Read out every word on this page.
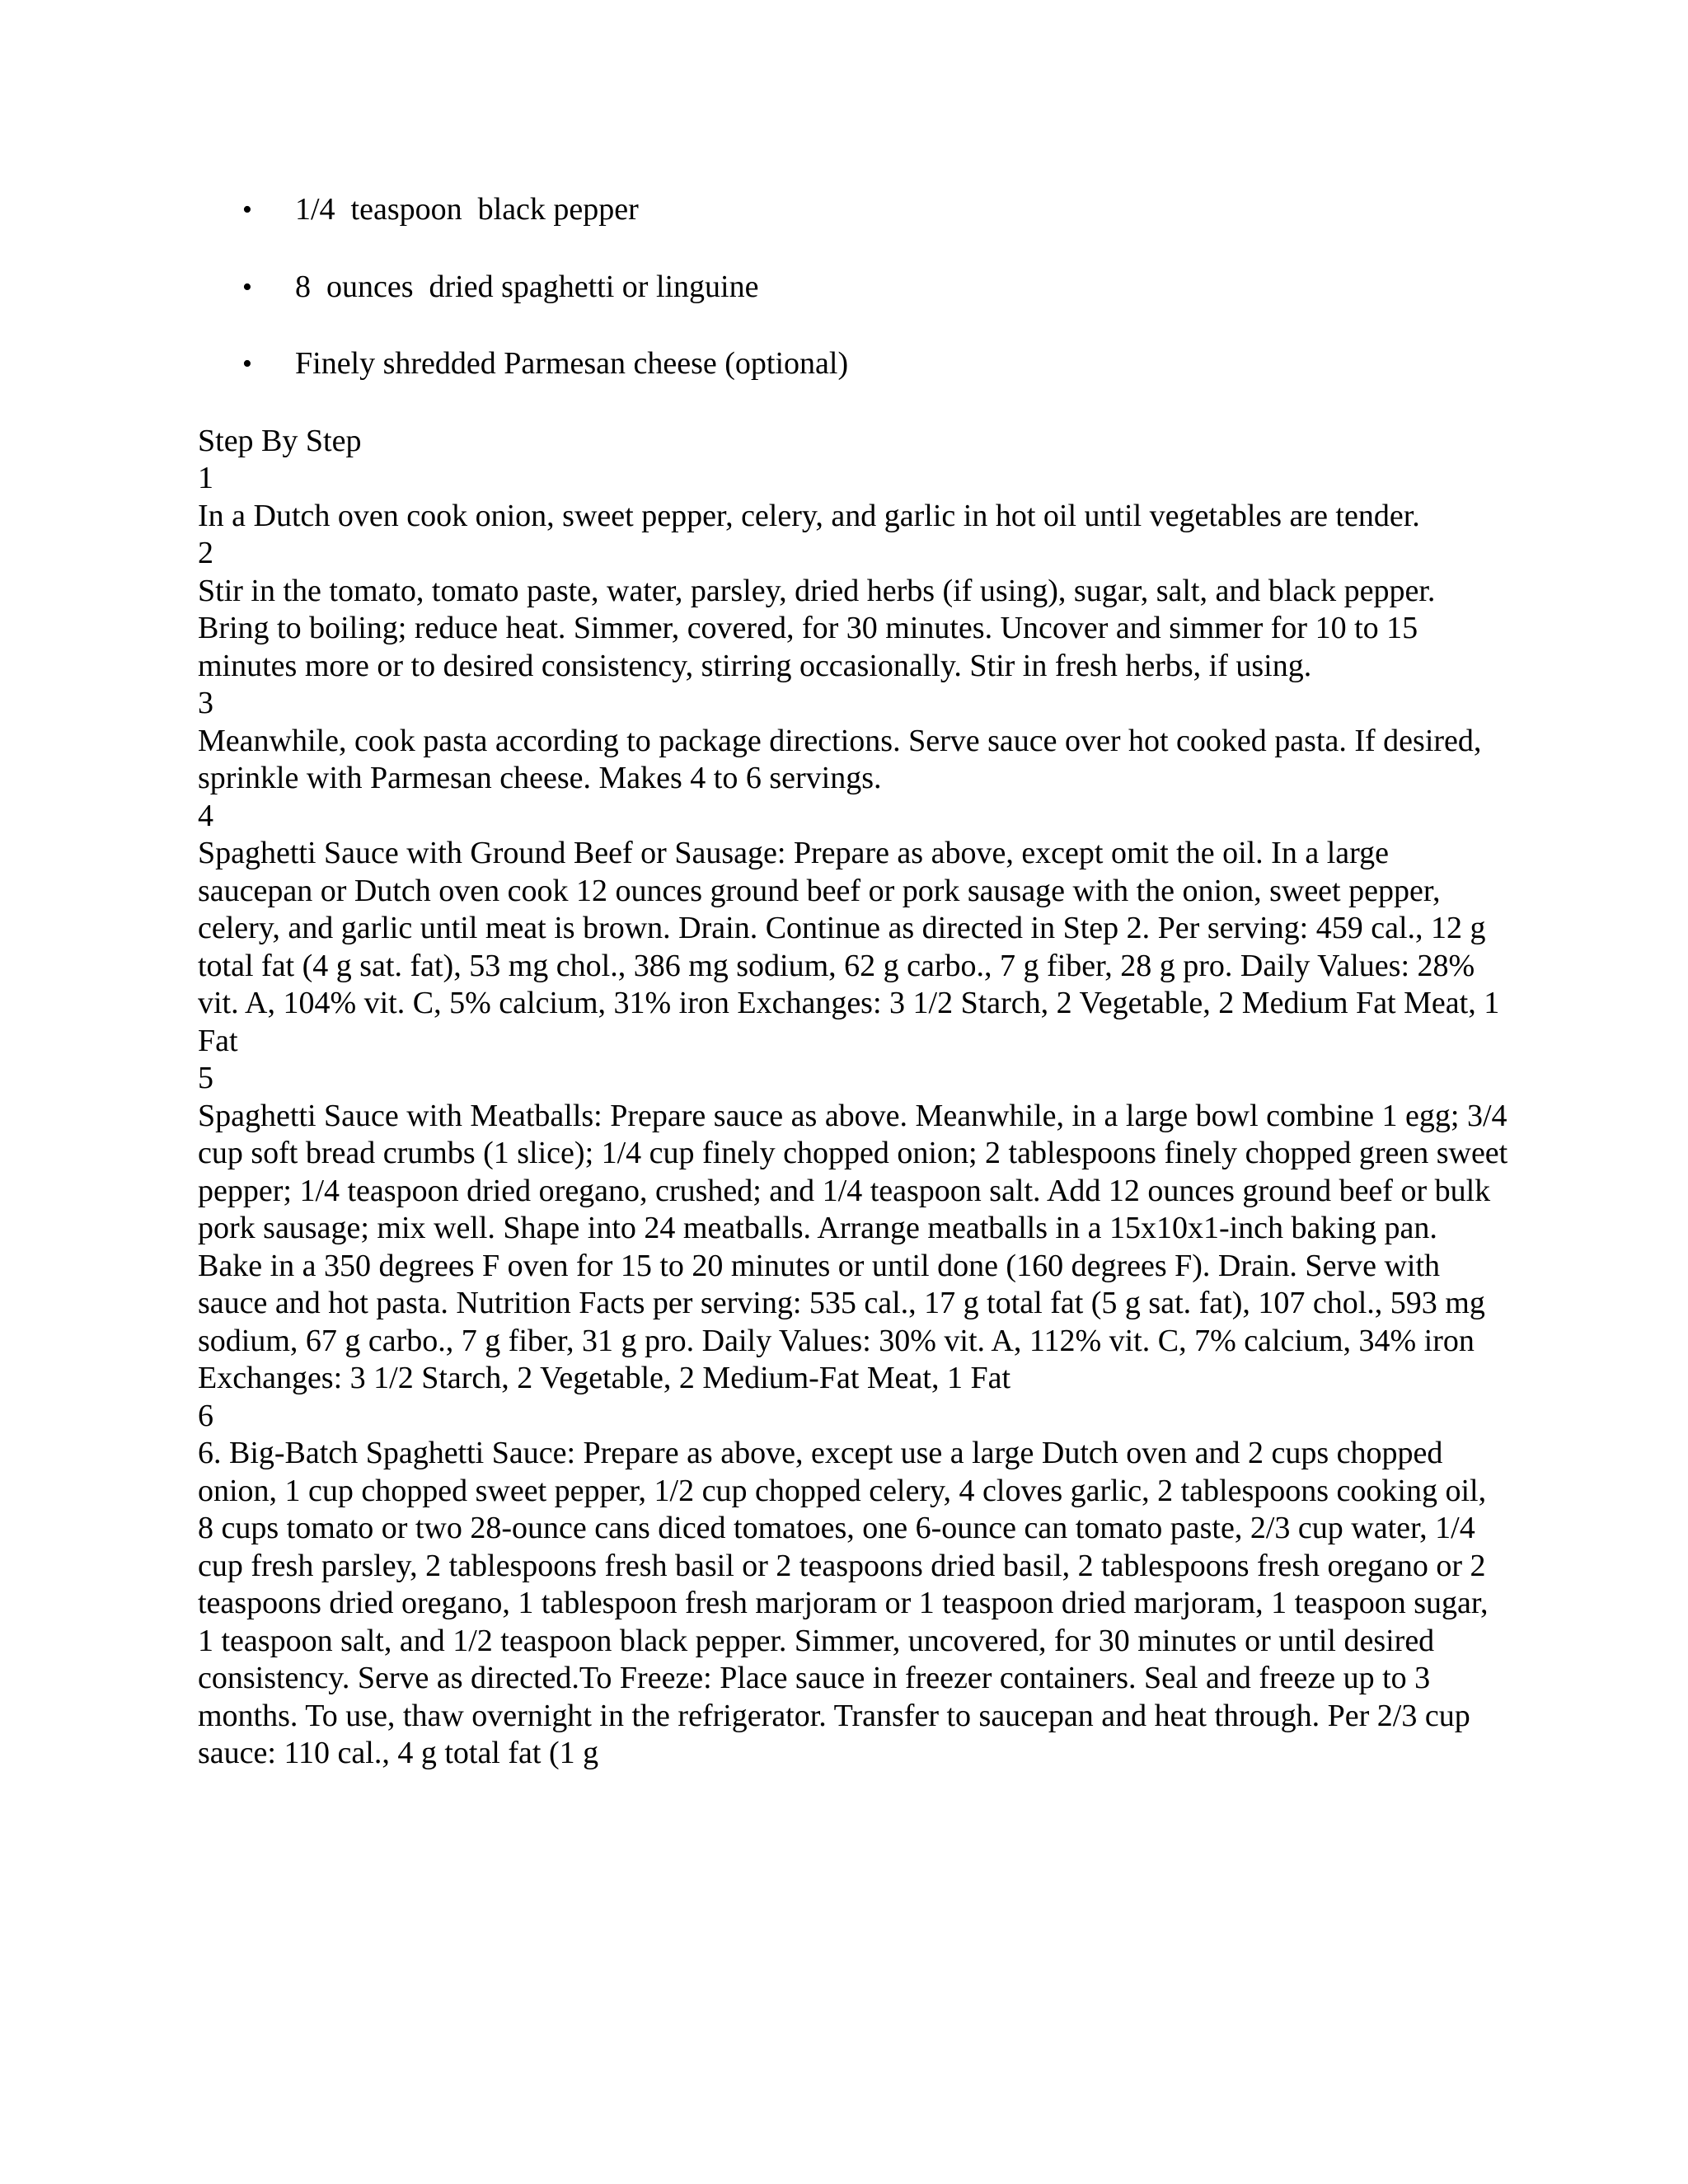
• 1/4  teaspoon  black pepper
• 8  ounces  dried spaghetti or linguine
• Finely shredded Parmesan cheese (optional)

Step By Step

1

In a Dutch oven cook onion, sweet pepper, celery, and garlic in hot oil until vegetables are tender.

2

Stir in the tomato, tomato paste, water, parsley, dried herbs (if using), sugar, salt, and black pepper. Bring to boiling; reduce heat. Simmer, covered, for 30 minutes. Uncover and simmer for 10 to 15 minutes more or to desired consistency, stirring occasionally. Stir in fresh herbs, if using.

3

Meanwhile, cook pasta according to package directions. Serve sauce over hot cooked pasta. If desired, sprinkle with Parmesan cheese. Makes 4 to 6 servings.

4

Spaghetti Sauce with Ground Beef or Sausage: Prepare as above, except omit the oil. In a large saucepan or Dutch oven cook 12 ounces ground beef or pork sausage with the onion, sweet pepper, celery, and garlic until meat is brown. Drain. Continue as directed in Step 2. Per serving: 459 cal., 12 g total fat (4 g sat. fat), 53 mg chol., 386 mg sodium, 62 g carbo., 7 g fiber, 28 g pro. Daily Values: 28% vit. A, 104% vit. C, 5% calcium, 31% iron Exchanges: 3 1/2 Starch, 2 Vegetable, 2 Medium Fat Meat, 1 Fat

5

Spaghetti Sauce with Meatballs: Prepare sauce as above. Meanwhile, in a large bowl combine 1 egg; 3/4 cup soft bread crumbs (1 slice); 1/4 cup finely chopped onion; 2 tablespoons finely chopped green sweet pepper; 1/4 teaspoon dried oregano, crushed; and 1/4 teaspoon salt. Add 12 ounces ground beef or bulk pork sausage; mix well. Shape into 24 meatballs. Arrange meatballs in a 15x10x1-inch baking pan. Bake in a 350 degrees F oven for 15 to 20 minutes or until done (160 degrees F). Drain. Serve with sauce and hot pasta. Nutrition Facts per serving: 535 cal., 17 g total fat (5 g sat. fat), 107 chol., 593 mg sodium, 67 g carbo., 7 g fiber, 31 g pro. Daily Values: 30% vit. A, 112% vit. C, 7% calcium, 34% iron Exchanges: 3 1/2 Starch, 2 Vegetable, 2 Medium-Fat Meat, 1 Fat

6

6. Big-Batch Spaghetti Sauce: Prepare as above, except use a large Dutch oven and 2 cups chopped onion, 1 cup chopped sweet pepper, 1/2 cup chopped celery, 4 cloves garlic, 2 tablespoons cooking oil, 8 cups tomato or two 28-ounce cans diced tomatoes, one 6-ounce can tomato paste, 2/3 cup water, 1/4 cup fresh parsley, 2 tablespoons fresh basil or 2 teaspoons dried basil, 2 tablespoons fresh oregano or 2 teaspoons dried oregano, 1 tablespoon fresh marjoram or 1 teaspoon dried marjoram, 1 teaspoon sugar, 1 teaspoon salt, and 1/2 teaspoon black pepper. Simmer, uncovered, for 30 minutes or until desired consistency. Serve as directed.To Freeze: Place sauce in freezer containers. Seal and freeze up to 3 months. To use, thaw overnight in the refrigerator. Transfer to saucepan and heat through. Per 2/3 cup sauce: 110 cal., 4 g total fat (1 g
